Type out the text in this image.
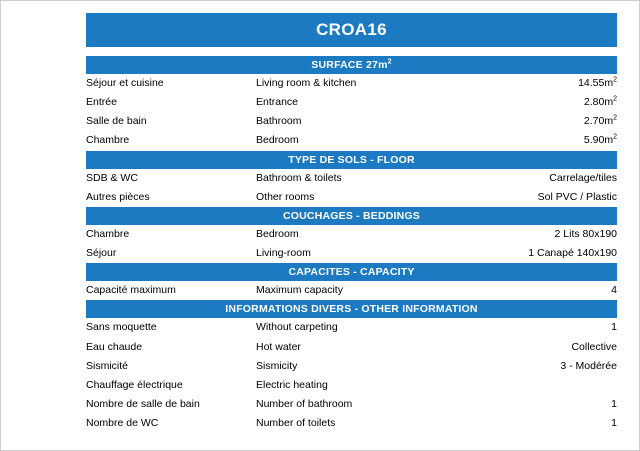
CROA16
SURFACE $27m^2$
Séjour et cuisine	Living room & kitchen	$14.55m^2$
Entrée	Entrance	$2.80m^2$
Salle de bain	Bathroom	$2.70m^2$
Chambre	Bedroom	$5.90m^2$
TYPE DE SOLS - FLOOR
SDB & WC	Bathroom & toilets	Carrelage/tiles
Autres pièces	Other rooms	Sol PVC / Plastic
COUCHAGES - BEDDINGS
Chambre	Bedroom	2 Lits 80x190
Séjour	Living-room	1 Canapé 140x190
CAPACITES - CAPACITY
Capacité maximum	Maximum capacity	4
INFORMATIONS DIVERS - OTHER INFORMATION
Sans moquette	Without carpeting	1
Eau chaude	Hot water	Collective
Sismicité	Sismicity	3 - Modérée
Chauffage électrique	Electric heating	
Nombre de salle de bain	Number of bathroom	1
Nombre de WC	Number of toilets	1
